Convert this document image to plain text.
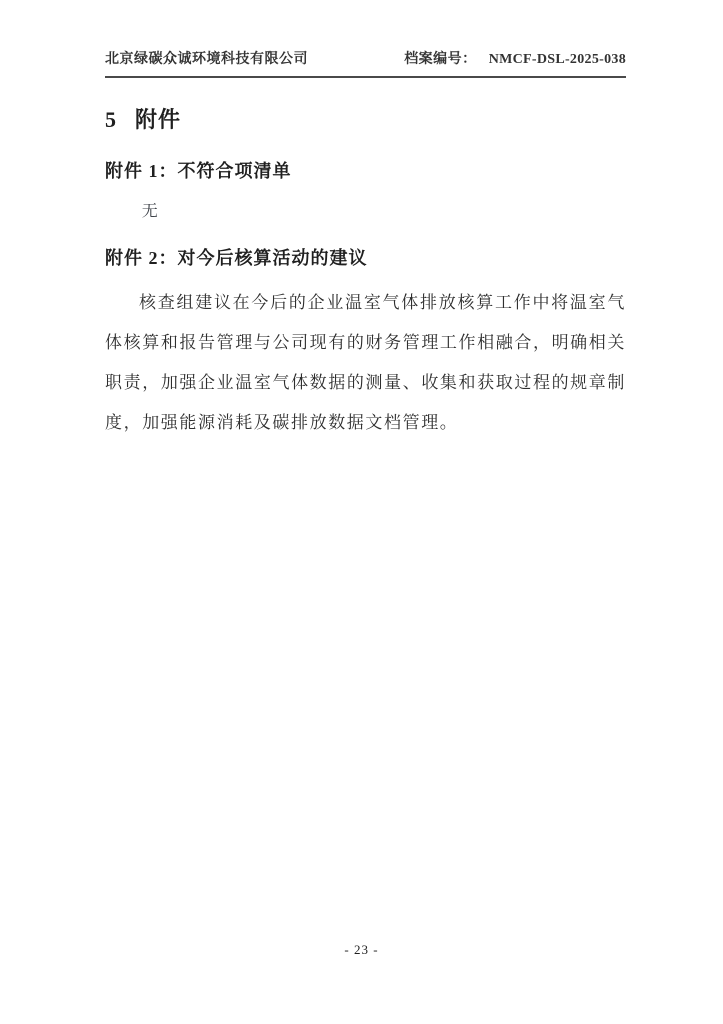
北京绿碳众诚环境科技有限公司	档案编号： NMCF-DSL-2025-038
5 附件
附件 1：不符合项清单
无
附件 2：对今后核算活动的建议
核查组建议在今后的企业温室气体排放核算工作中将温室气体核算和报告管理与公司现有的财务管理工作相融合，明确相关职责，加强企业温室气体数据的测量、收集和获取过程的规章制度，加强能源消耗及碳排放数据文档管理。
- 23 -
